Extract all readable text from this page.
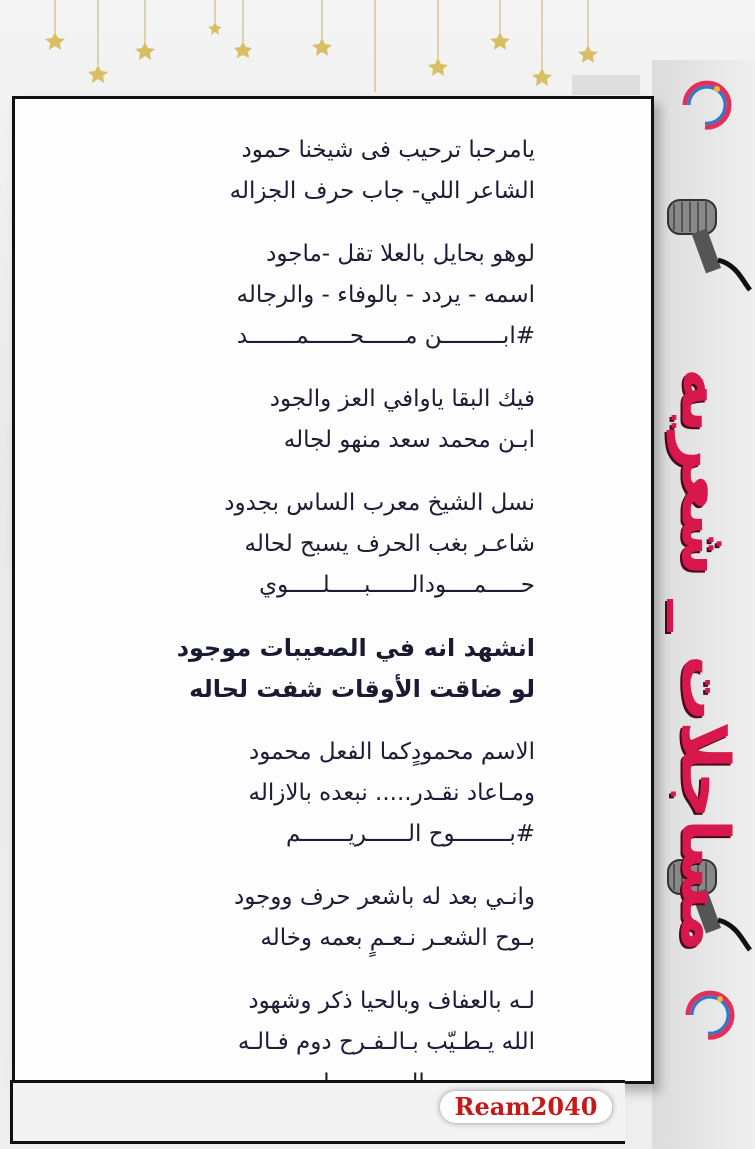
مساجلات _ شعريه
يامرحبا ترحيب فى شيخنا حمود
الشاعر اللي- جاب حرف الجزاله
لوهو بحايل بالعلا تقل -ماجود
اسمه - يردد - بالوفاء - والرجاله
#ابـــــــــن مــــــحــــــمـــــــد
فيك البقا ياوافي العز والجود
ابـن محمد سعد منهو لجاله
نسل الشيخ معرب الساس بجدود
شاعـر بغب الحرف يسبح لحاله
حـــــمــــودالــــــبـــــلـــــوي
انشهد انه في الصعيبات موجود
لو ضاقت الأوقات شفت لحاله
الاسم محمودٍكما الفعل محمود
ومـاعاد نقـدر..... نبعده بالازاله
#بــــــــوح الــــــريـــــــم
وانـي بعد له باشعر حرف ووجود
بـوح الشعـر نـعـمٍ بعمه وخاله
لـه بالعفاف وبالحيا ذكر وشهود
الله يـطـيّب بـالـفـرح دوم فـالـه
Ream2040
